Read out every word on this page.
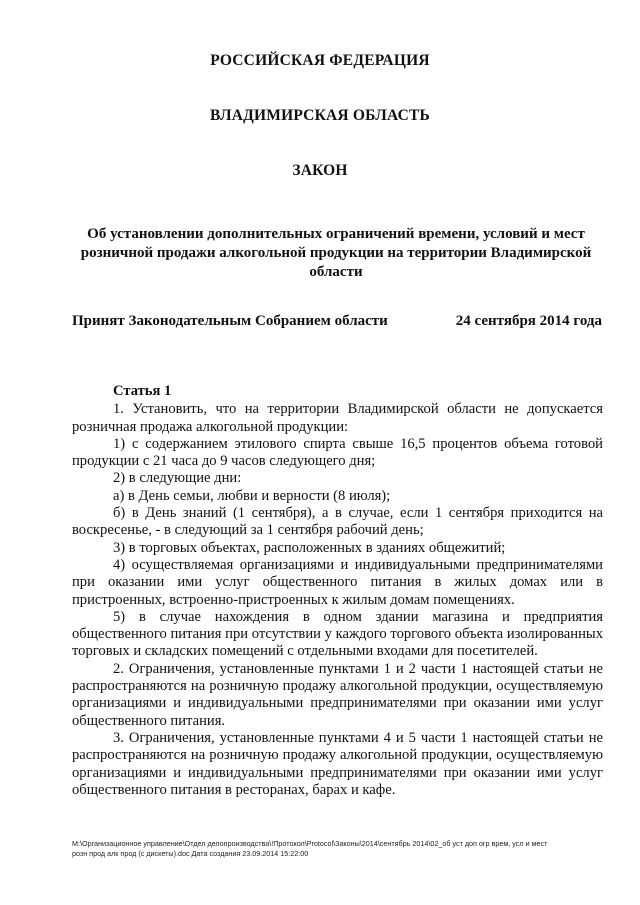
РОССИЙСКАЯ ФЕДЕРАЦИЯ
ВЛАДИМИРСКАЯ ОБЛАСТЬ
ЗАКОН
Об установлении дополнительных ограничений времени, условий и мест
розничной продажи алкогольной продукции на территории Владимирской
области
Принят Законодательным Собранием области	24 сентября 2014 года

Статья 1

1. Установить, что на территории Владимирской области не допускается розничная продажа алкогольной продукции:

1) с содержанием этилового спирта свыше 16,5 процентов объема готовой продукции с 21 часа до 9 часов следующего дня;

2) в следующие дни:

а) в День семьи, любви и верности (8 июля);

б) в День знаний (1 сентября), а в случае, если 1 сентября приходится на воскресенье, - в следующий за 1 сентября рабочий день;

3) в торговых объектах, расположенных в зданиях общежитий;

4) осуществляемая организациями и индивидуальными предпринимателями при оказании ими услуг общественного питания в жилых домах или в пристроенных, встроенно-пристроенных к жилым домам помещениях.

5) в случае нахождения в одном здании магазина и предприятия общественного питания при отсутствии у каждого торгового объекта изолированных торговых и складских помещений с отдельными входами для посетителей.

2. Ограничения, установленные пунктами 1 и 2 части 1 настоящей статьи не распространяются на розничную продажу алкогольной продукции, осуществляемую организациями и индивидуальными предпринимателями при оказании ими услуг общественного питания.

3. Ограничения, установленные пунктами 4 и 5 части 1 настоящей статьи не распространяются на розничную продажу алкогольной продукции, осуществляемую организациями и индивидуальными предпринимателями при оказании ими услуг общественного питания в ресторанах, барах и кафе.

M:\Организационное управление\Отдел делопроизводства\!Протокол\Protocol\Законы\2014\сентябрь 2014\02_об уст доп огр врем, усл и мест
розн прод алк прод (с дискеты).doc Дата создания 23.09.2014 15:22:00
